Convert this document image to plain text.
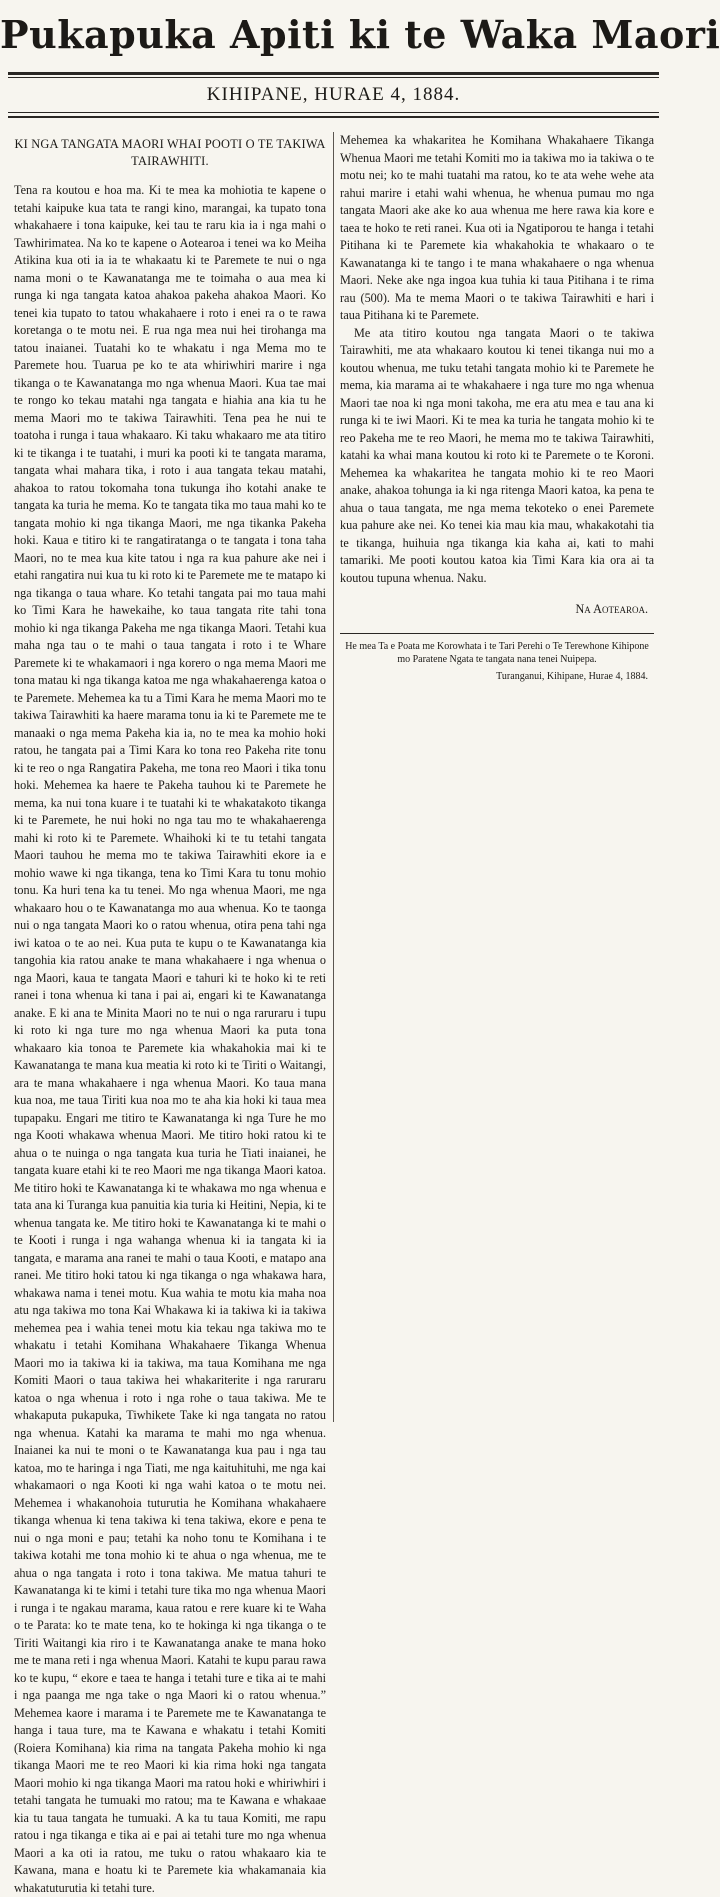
Pukapuka Apiti ki te Waka Maori
KIHIPANE, HURAE 4, 1884.
KI NGA TANGATA MAORI WHAI POOTI O TE TAKIWA TAIRAWHITI.

Tena ra koutou e hoa ma. Ki te mea ka mohiotia te kapene o tetahi kaipuke kua tata te rangi kino, marangai, ka tupato tona whakahaere i tona kaipuke, kei tau te raru kia ia i nga mahi o Tawhirimatea. Na ko te kapene o Aotearoa i tenei wa ko Meiha Atikina kua oti ia ia te whakaatu ki te Paremete te nui o nga nama moni o te Kawanatanga me te toimaha o aua mea ki runga ki nga tangata katoa ahakoa pakeha ahakoa Maori. Ko tenei kia tupato to tatou whakahaere i roto i enei ra o te rawa koretanga o te motu nei. E rua nga mea nui hei tirohanga ma tatou inaianei. Tuatahi ko te whakatu i nga Mema mo te Paremete hou. Tuarua pe ko te ata whiriwhiri marire i nga tikanga o te Kawanatanga mo nga whenua Maori. Kua tae mai te rongo ko tekau matahi nga tangata e hiahia ana kia tu he mema Maori mo te takiwa Tairawhiti. Tena pea he nui te toatoha i runga i taua whakaaro. Ki taku whakaaro me ata titiro ki te tikanga i te tuatahi, i muri ka pooti ki te tangata marama, tangata whai mahara tika, i roto i aua tangata tekau matahi, ahakoa to ratou tokomaha tona tukunga iho kotahi anake te tangata ka turia he mema. Ko te tangata tika mo taua mahi ko te tangata mohio ki nga tikanga Maori, me nga tikanka Pakeha hoki. Kaua e titiro ki te rangatiratanga o te tangata i tona taha Maori, no te mea kua kite tatou i nga ra kua pahure ake nei i etahi rangatira nui kua tu ki roto ki te Paremete me te matapo ki nga tikanga o taua whare. Ko tetahi tangata pai mo taua mahi ko Timi Kara he hawekaihe, ko taua tangata rite tahi tona mohio ki nga tikanga Pakeha me nga tikanga Maori. Tetahi kua maha nga tau o te mahi o taua tangata i roto i te Whare Paremete ki te whakamaori i nga korero o nga mema Maori me tona matau ki nga tikanga katoa me nga whakahaerenga katoa o te Paremete. Mehemea ka tu a Timi Kara he mema Maori mo te takiwa Tairawhiti ka haere marama tonu ia ki te Paremete me te manaaki o nga mema Pakeha kia ia, no te mea ka mohio hoki ratou, he tangata pai a Timi Kara ko tona reo Pakeha rite tonu ki te reo o nga Rangatira Pakeha, me tona reo Maori i tika tonu hoki. Mehemea ka haere te Pakeha tauhou ki te Paremete he mema, ka nui tona kuare i te tuatahi ki te whakatakoto tikanga ki te Paremete, he nui hoki no nga tau mo te whakahaerenga mahi ki roto ki te Paremete. Whaihoki ki te tu tetahi tangata Maori tauhou he mema mo te takiwa Tairawhiti ekore ia e mohio wawe ki nga tikanga, tena ko Timi Kara tu tonu mohio tonu. Ka huri tena ka tu tenei. Mo nga whenua Maori, me nga whakaaro hou o te Kawanatanga mo aua whenua. Ko te taonga nui o nga tangata Maori ko o ratou whenua, otira pena tahi nga iwi katoa o te ao nei. Kua puta te kupu o te Kawanatanga kia tangohia kia ratou anake te mana whakahaere i nga whenua o nga Maori, kaua te tangata Maori e tahuri ki te hoko ki te reti ranei i tona whenua ki tana i pai ai, engari ki te Kawanatanga anake. E ki ana te Minita Maori no te nui o nga raruraru i tupu ki roto ki nga ture mo nga whenua Maori ka puta tona whakaaro kia tonoa te Paremete kia whakahokia mai ki te Kawanatanga te mana kua meatia ki roto ki te Tiriti o Waitangi, ara te mana whakahaere i nga whenua Maori. Ko taua mana kua noa, me taua Tiriti kua noa mo te aha kia hoki ki taua mea tupapaku. Engari me titiro te Kawanatanga ki nga Ture he mo nga Kooti whakawa whenua Maori. Me titiro hoki ratou ki te ahua o te nuinga o nga tangata kua turia he Tiati inaianei, he tangata kuare etahi ki te reo Maori me nga tikanga Maori katoa. Me titiro hoki te Kawanatanga ki te whakawa mo nga whenua e tata ana ki Turanga kua panuitia kia turia ki Heitini, Nepia, ki te whenua tangata ke. Me titiro hoki te Kawanatanga ki te mahi o te Kooti i runga i nga wahanga whenua ki ia tangata ki ia tangata, e marama ana ranei te mahi o taua Kooti, e matapo ana ranei. Me titiro hoki tatou ki nga tikanga o nga whakawa hara, whakawa nama i tenei motu. Kua wahia te motu kia maha noa atu nga takiwa mo tona Kai Whakawa ki ia takiwa ki ia takiwa mehemea pea i wahia tenei motu kia tekau nga takiwa mo te whakatu i tetahi Komihana Whakahaere Tikanga Whenua Maori mo ia takiwa ki ia takiwa, ma taua Komihana me nga Komiti Maori o taua takiwa hei whakariterite i nga raruraru katoa o nga whenua i roto i nga rohe o taua takiwa. Me te whakaputa pukapuka, Tiwhikete Take ki nga tangata no ratou nga whenua. Katahi ka marama te mahi mo nga whenua. Inaianei ka nui te moni o te Kawanatanga kua pau i nga tau katoa, mo te haringa i nga Tiati, me nga kaituhituhi, me nga kai whakamaori o nga Kooti ki nga wahi katoa o te motu nei. Mehemea i whakanohoia tuturutia he Komihana whakahaere tikanga whenua ki tena takiwa ki tena takiwa, ekore e pena te nui o nga moni e pau; tetahi ka noho tonu te Komihana i te takiwa kotahi me tona mohio ki te ahua o nga whenua, me te ahua o nga tangata i roto i tona takiwa. Me matua tahuri te Kawanatanga ki te kimi i tetahi ture tika mo nga whenua Maori i runga i te ngakau marama, kaua ratou e rere kuare ki te Waha o te Parata: ko te mate tena, ko te hokinga ki nga tikanga o te Tiriti Waitangi kia riro i te Kawanatanga anake te mana hoko me te mana reti i nga whenua Maori. Katahi te kupu parau rawa ko te kupu, “ ekore e taea te hanga i tetahi ture e tika ai te mahi i nga paanga me nga take o nga Maori ki o ratou whenua.” Mehemea kaore i marama i te Paremete me te Kawanatanga te hanga i taua ture, ma te Kawana e whakatu i tetahi Komiti (Roiera Komihana) kia rima na tangata Pakeha mohio ki nga tikanga Maori me te reo Maori ki kia rima hoki nga tangata Maori mohio ki nga tikanga Maori ma ratou hoki e whiriwhiri i tetahi tangata he tumuaki mo ratou; ma te Kawana e whakaae kia tu taua tangata he tumuaki. A ka tu taua Komiti, me rapu ratou i nga tikanga e tika ai e pai ai tetahi ture mo nga whenua Maori a ka oti ia ratou, me tuku o ratou whakaaro kia te Kawana, mana e hoatu ki te Paremete kia whakamanaia kia whakatuturutia ki tetahi ture.

Mehemea ka whakaritea he Komihana Whakahaere Tikanga Whenua Maori me tetahi Komiti mo ia takiwa mo ia takiwa o te motu nei; ko te mahi tuatahi ma ratou, ko te ata wehe wehe ata rahui marire i etahi wahi whenua, he whenua pumau mo nga tangata Maori ake ake ko aua whenua me here rawa kia kore e taea te hoko te reti ranei. Kua oti ia Ngatiporou te hanga i tetahi Pitihana ki te Paremete kia whakahokia te whakaaro o te Kawanatanga ki te tango i te mana whakahaere o nga whenua Maori. Neke ake nga ingoa kua tuhia ki taua Pitihana i te rima rau (500). Ma te mema Maori o te takiwa Tairawhiti e hari i taua Pitihana ki te Paremete.

Me ata titiro koutou nga tangata Maori o te takiwa Tairawhiti, me ata whakaaro koutou ki tenei tikanga nui mo a koutou whenua, me tuku tetahi tangata mohio ki te Paremete he mema, kia marama ai te whakahaere i nga ture mo nga whenua Maori tae noa ki nga moni takoha, me era atu mea e tau ana ki runga ki te iwi Maori. Ki te mea ka turia he tangata mohio ki te reo Pakeha me te reo Maori, he mema mo te takiwa Tairawhiti, katahi ka whai mana koutou ki roto ki te Paremete o te Koroni. Mehemea ka whakaritea he tangata mohio ki te reo Maori anake, ahakoa tohunga ia ki nga ritenga Maori katoa, ka pena te ahua o taua tangata, me nga mema tekoteko o enei Paremete kua pahure ake nei. Ko tenei kia mau kia mau, whakakotahi tia te tikanga, huihuia nga tikanga kia kaha ai, kati to mahi tamariki. Me pooti koutou katoa kia Timi Kara kia ora ai ta koutou tupuna whenua. Naku.

Na Aotearoa.
He mea Ta e Poata me Korowhata i te Tari Perehi o Te Terewhone Kihipone mo Paratene Ngata te tangata nana tenei Nuipepa.
Turanganui, Kihipane, Hurae 4, 1884.
